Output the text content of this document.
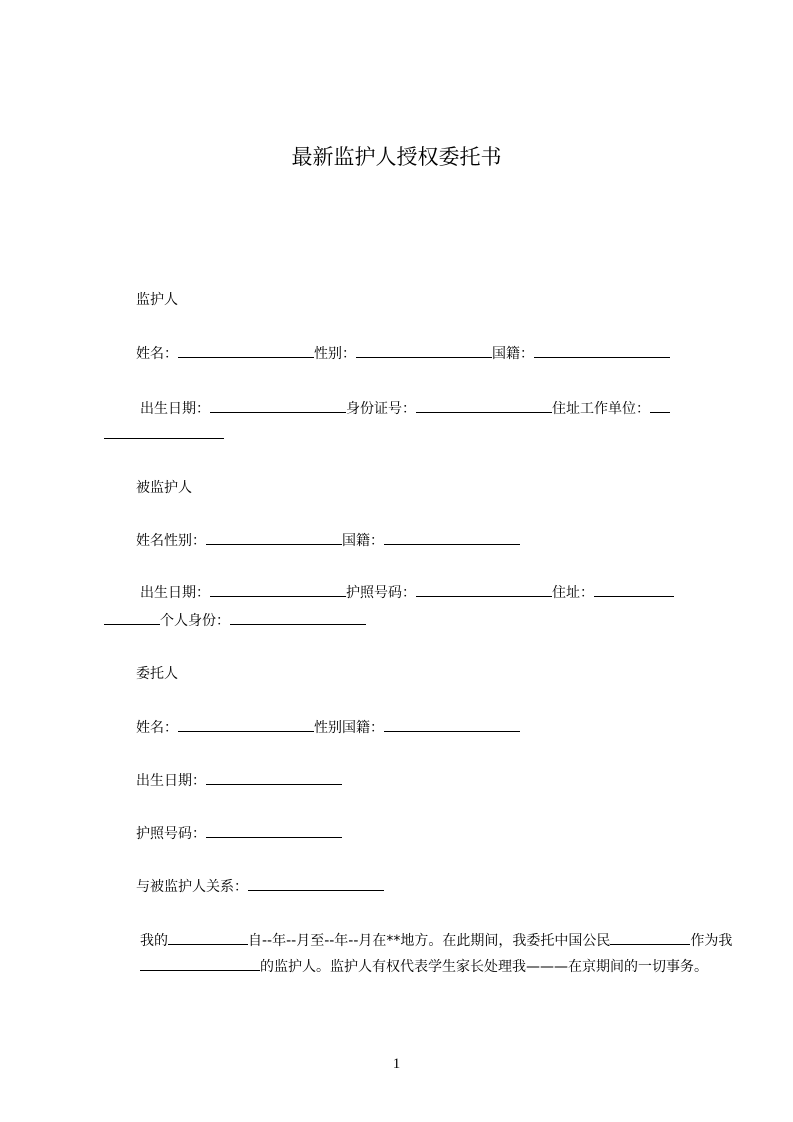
最新监护人授权委托书
监护人
姓名：	性别：	国籍：
出生日期：	身份证号：	住址工作单位：
被监护人
姓名性别：	国籍：
出生日期：	护照号码：	住址：
个人身份：
委托人
姓名：	性别国籍：
出生日期：
护照号码：
与被监护人关系：
我的	自--年--月至--年--月在**地方。在此期间，我委托中国公民	作为我的监护人。监护人有权代表学生家长处理我———在京期间的一切事务。
1
